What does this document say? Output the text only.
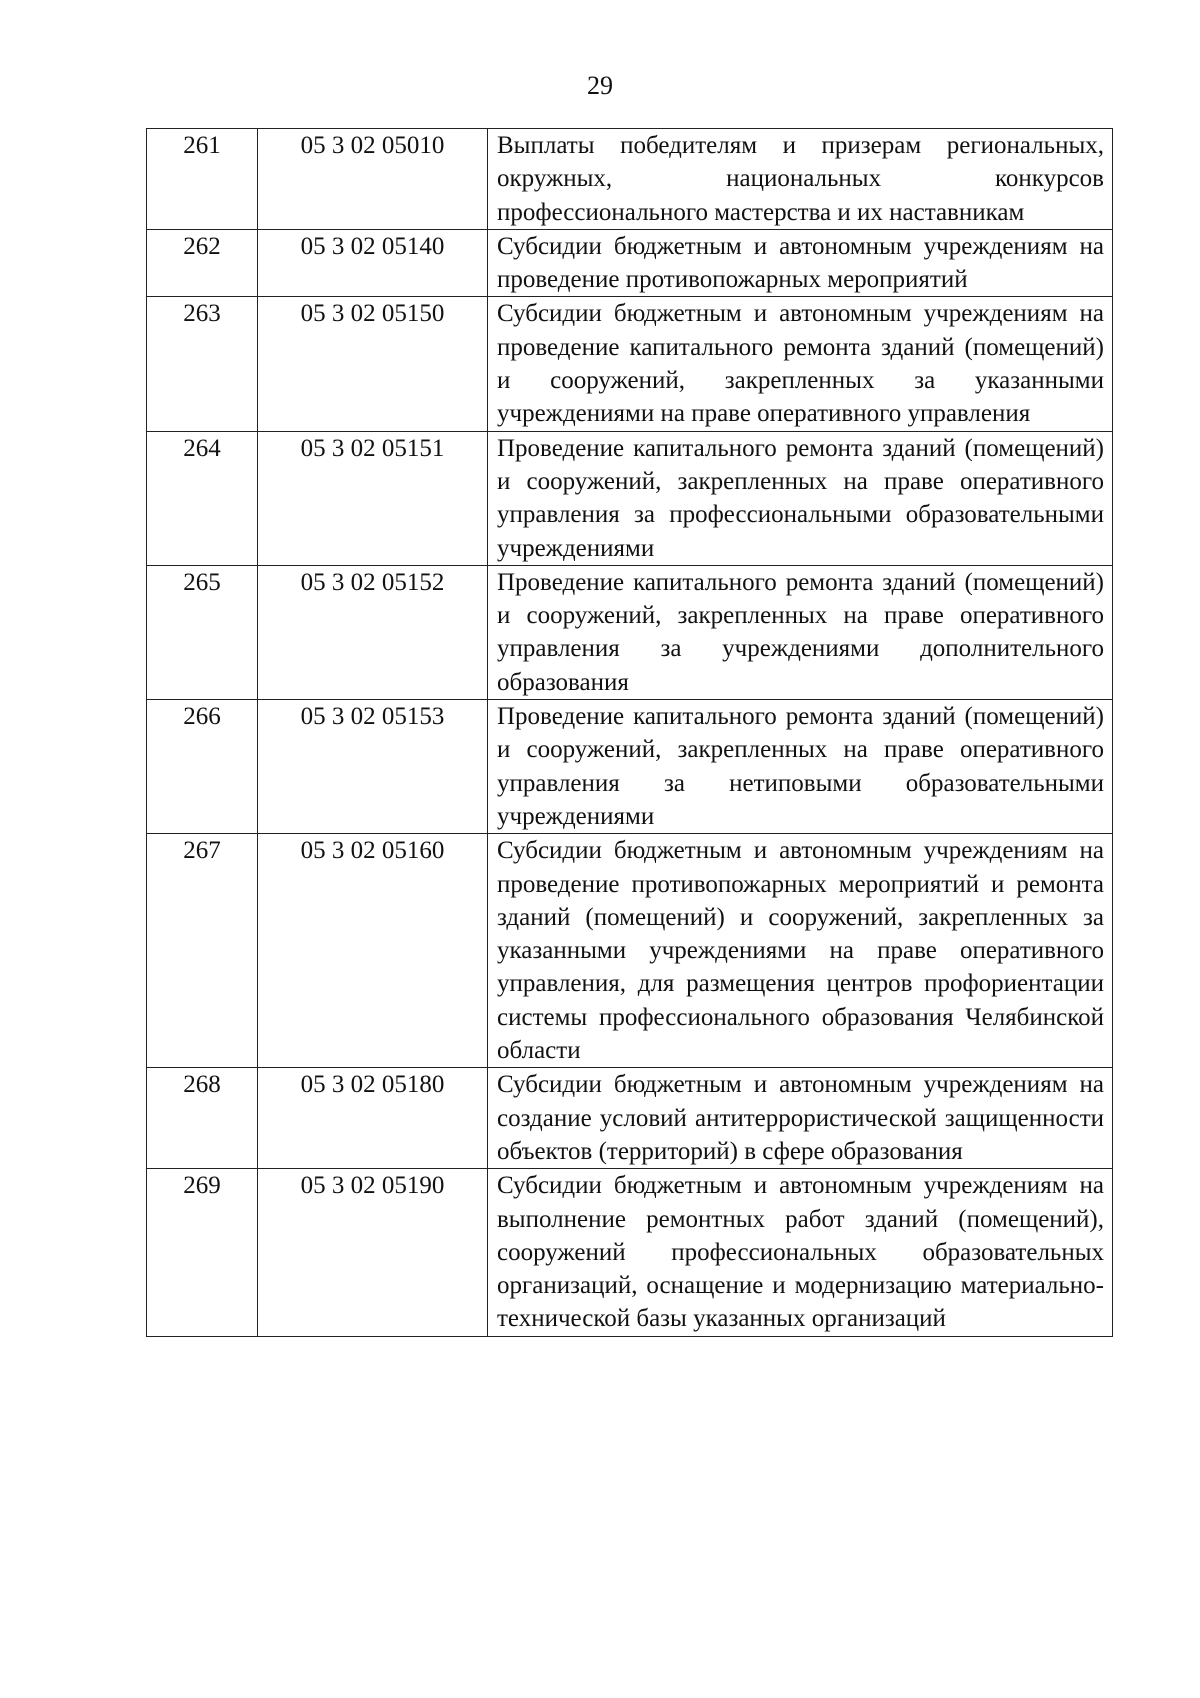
29
261	05 3 02 05010	Выплаты победителям и призерам региональных, окружных, национальных конкурсов профессионального мастерства и их наставникам
262	05 3 02 05140	Субсидии бюджетным и автономным учреждениям на проведение противопожарных мероприятий
263	05 3 02 05150	Субсидии бюджетным и автономным учреждениям на проведение капитального ремонта зданий (помещений) и сооружений, закрепленных за указанными учреждениями на праве оперативного управления
264	05 3 02 05151	Проведение капитального ремонта зданий (помещений) и сооружений, закрепленных на праве оперативного управления за профессиональными образовательными учреждениями
265	05 3 02 05152	Проведение капитального ремонта зданий (помещений) и сооружений, закрепленных на праве оперативного управления за учреждениями дополнительного образования
266	05 3 02 05153	Проведение капитального ремонта зданий (помещений) и сооружений, закрепленных на праве оперативного управления за нетиповыми образовательными учреждениями
267	05 3 02 05160	Субсидии бюджетным и автономным учреждениям на проведение противопожарных мероприятий и ремонта зданий (помещений) и сооружений, закрепленных за указанными учреждениями на праве оперативного управления, для размещения центров профориентации системы профессионального образования Челябинской области
268	05 3 02 05180	Субсидии бюджетным и автономным учреждениям на создание условий антитеррористической защищенности объектов (территорий) в сфере образования
269	05 3 02 05190	Субсидии бюджетным и автономным учреждениям на выполнение ремонтных работ зданий (помещений), сооружений профессиональных образовательных организаций, оснащение и модернизацию материально-технической базы указанных организаций
